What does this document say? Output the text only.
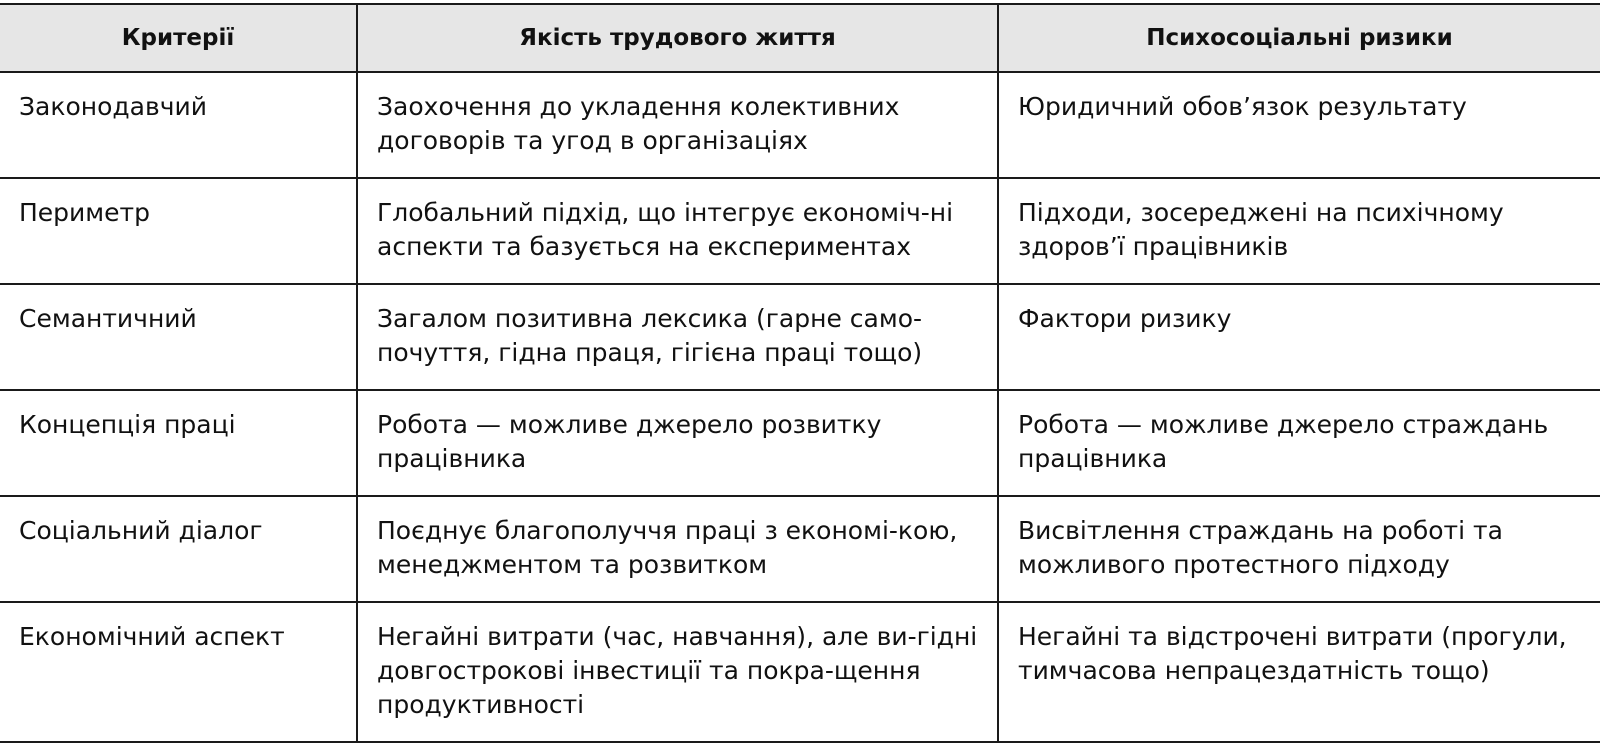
Критерії	Якість трудового життя	Психосоціальні ризики
Законодавчий	Заохочення до укладення колективних договорів та угод в організаціях	Юридичний обов’язок результату
Периметр	Глобальний підхід, що інтегрує економіч-ні аспекти та базується на експериментах	Підходи, зосереджені на психічному здоров’ї працівників
Семантичний	Загалом позитивна лексика (гарне само-почуття, гідна праця, гігієна праці тощо)	Фактори ризику
Концепція праці	Робота — можливе джерело розвитку працівника	Робота — можливе джерело страждань працівника
Соціальний діалог	Поєднує благополуччя праці з економі-кою, менеджментом та розвитком	Висвітлення страждань на роботі та можливого протестного підходу
Економічний аспект	Негайні витрати (час, навчання), але ви-гідні довгострокові інвестиції та покра-щення продуктивності	Негайні та відстрочені витрати (прогули, тимчасова непрацездатність тощо)
